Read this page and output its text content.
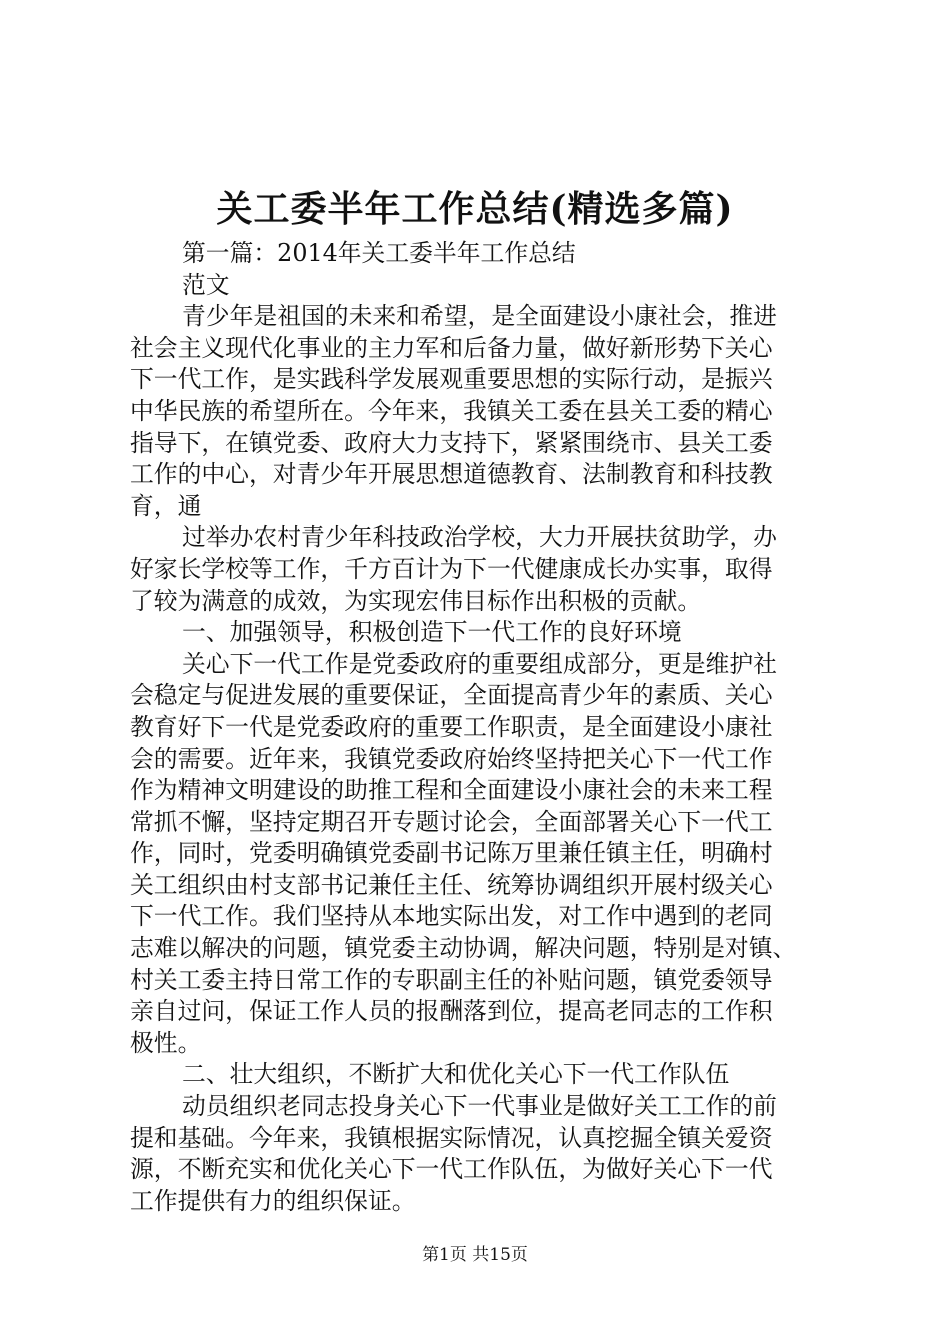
关工委半年工作总结(精选多篇)
第一篇：2014年关工委半年工作总结
范文
青少年是祖国的未来和希望，是全面建设小康社会，推进
社会主义现代化事业的主力军和后备力量，做好新形势下关心
下一代工作，是实践科学发展观重要思想的实际行动，是振兴
中华民族的希望所在。今年来，我镇关工委在县关工委的精心
指导下，在镇党委、政府大力支持下，紧紧围绕市、县关工委
工作的中心，对青少年开展思想道德教育、法制教育和科技教
育，通
过举办农村青少年科技政治学校，大力开展扶贫助学，办
好家长学校等工作，千方百计为下一代健康成长办实事，取得
了较为满意的成效，为实现宏伟目标作出积极的贡献。
一、加强领导，积极创造下一代工作的良好环境
关心下一代工作是党委政府的重要组成部分，更是维护社
会稳定与促进发展的重要保证，全面提高青少年的素质、关心
教育好下一代是党委政府的重要工作职责，是全面建设小康社
会的需要。近年来，我镇党委政府始终坚持把关心下一代工作
作为精神文明建设的助推工程和全面建设小康社会的未来工程
常抓不懈，坚持定期召开专题讨论会，全面部署关心下一代工
作，同时，党委明确镇党委副书记陈万里兼任镇主任，明确村
关工组织由村支部书记兼任主任、统筹协调组织开展村级关心
下一代工作。我们坚持从本地实际出发，对工作中遇到的老同
志难以解决的问题，镇党委主动协调，解决问题，特别是对镇、
村关工委主持日常工作的专职副主任的补贴问题，镇党委领导
亲自过问，保证工作人员的报酬落到位，提高老同志的工作积
极性。
二、壮大组织，不断扩大和优化关心下一代工作队伍
动员组织老同志投身关心下一代事业是做好关工工作的前
提和基础。今年来，我镇根据实际情况，认真挖掘全镇关爱资
源，不断充实和优化关心下一代工作队伍，为做好关心下一代
工作提供有力的组织保证。
第1页 共15页
